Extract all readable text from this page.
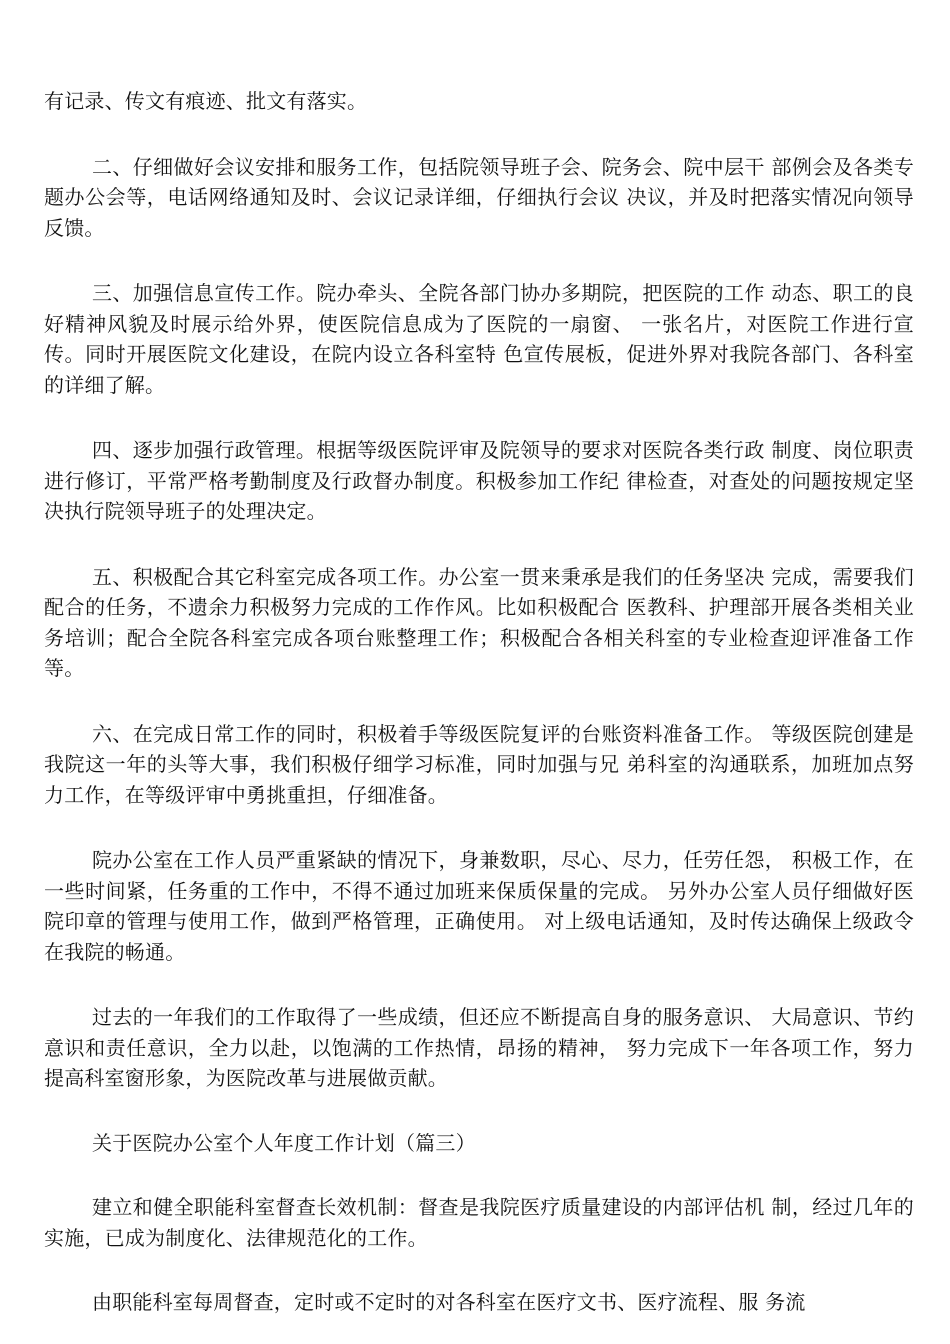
有记录、传文有痕迹、批文有落实。

二、仔细做好会议安排和服务工作，包括院领导班子会、院务会、院中层干 部例会及各类专题办公会等，电话网络通知及时、会议记录详细，仔细执行会议 决议，并及时把落实情况向领导反馈。

三、加强信息宣传工作。院办牵头、全院各部门协办多期院，把医院的工作 动态、职工的良好精神风貌及时展示给外界，使医院信息成为了医院的一扇窗、 一张名片，对医院工作进行宣传。同时开展医院文化建设，在院内设立各科室特 色宣传展板，促进外界对我院各部门、各科室的详细了解。

四、逐步加强行政管理。根据等级医院评审及院领导的要求对医院各类行政 制度、岗位职责进行修订，平常严格考勤制度及行政督办制度。积极参加工作纪 律检查，对查处的问题按规定坚决执行院领导班子的处理决定。

五、积极配合其它科室完成各项工作。办公室一贯来秉承是我们的任务坚决 完成，需要我们配合的任务，不遗余力积极努力完成的工作作风。比如积极配合 医教科、护理部开展各类相关业务培训；配合全院各科室完成各项台账整理工作；积极配合各相关科室的专业检查迎评准备工作等。

六、在完成日常工作的同时，积极着手等级医院复评的台账资料准备工作。 等级医院创建是我院这一年的头等大事，我们积极仔细学习标准，同时加强与兄 弟科室的沟通联系，加班加点努力工作，在等级评审中勇挑重担，仔细准备。

院办公室在工作人员严重紧缺的情况下，身兼数职，尽心、尽力，任劳任怨， 积极工作，在一些时间紧，任务重的工作中，不得不通过加班来保质保量的完成。 另外办公室人员仔细做好医院印章的管理与使用工作，做到严格管理，正确使用。 对上级电话通知，及时传达确保上级政令在我院的畅通。

过去的一年我们的工作取得了一些成绩，但还应不断提高自身的服务意识、 大局意识、节约意识和责任意识，全力以赴，以饱满的工作热情，昂扬的精神， 努力完成下一年各项工作，努力提高科室窗形象，为医院改革与进展做贡献。

关于医院办公室个人年度工作计划（篇三）

建立和健全职能科室督查长效机制：督查是我院医疗质量建设的内部评估机 制，经过几年的实施，已成为制度化、法律规范化的工作。

由职能科室每周督查，定时或不定时的对各科室在医疗文书、医疗流程、服 务流
